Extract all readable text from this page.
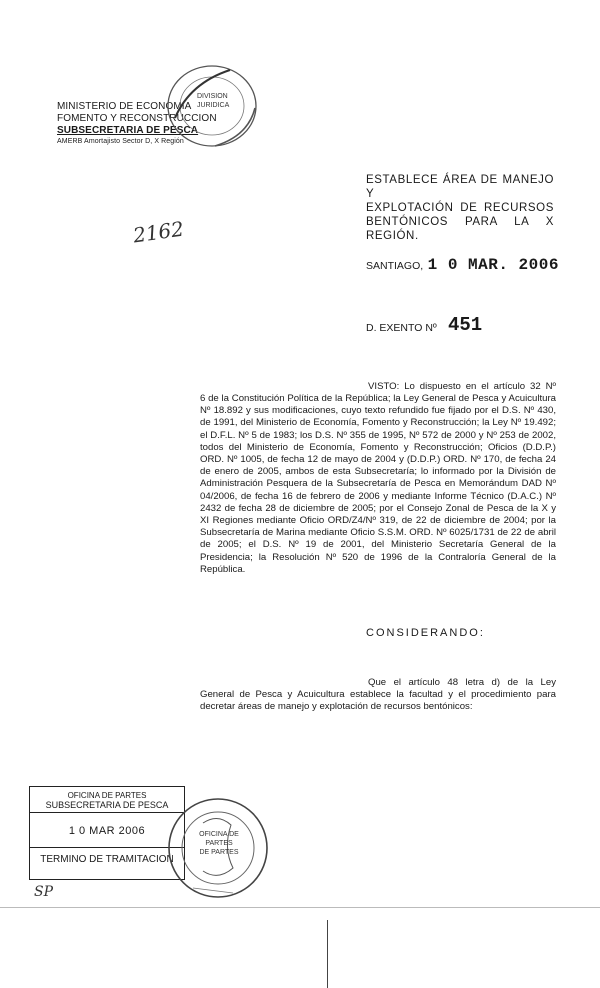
MINISTERIO DE ECONOMIA
FOMENTO Y RECONSTRUCCION
SUBSECRETARIA DE PESCA
AMERB Amortajisto Sector D, X Región
DIVISION
JURIDICA
ESTABLECE ÁREA DE MANEJO Y
EXPLOTACIÓN DE RECURSOS
BENTÓNICOS PARA LA X REGIÓN.
2162
SANTIAGO, 1 0 MAR. 2006
D. EXENTO Nº 451
VISTO: Lo dispuesto en el artículo 32 Nº
6 de la Constitución Política de la República; la Ley General de Pesca y Acuicultura Nº 18.892 y sus modificaciones, cuyo texto refundido fue fijado por el D.S. Nº 430, de 1991, del Ministerio de Economía, Fomento y Reconstrucción; la Ley Nº 19.492; el D.F.L. Nº 5 de 1983; los D.S. Nº 355 de 1995, Nº 572 de 2000 y Nº 253 de 2002, todos del Ministerio de Economía, Fomento y Reconstrucción; Oficios (D.D.P.) ORD. Nº 1005, de fecha 12 de mayo de 2004 y (D.D.P.) ORD. Nº 170, de fecha 24 de enero de 2005, ambos de esta Subsecretaría; lo informado por la División de Administración Pesquera de la Subsecretaría de Pesca en Memorándum DAD Nº 04/2006, de fecha 16 de febrero de 2006 y mediante Informe Técnico (D.A.C.) Nº 2432 de fecha 28 de diciembre de 2005; por el Consejo Zonal de Pesca de la X y XI Regiones mediante Oficio ORD/Z4/Nº 319, de 22 de diciembre de 2004; por la Subsecretaría de Marina mediante Oficio S.S.M. ORD. Nº 6025/1731 de 22 de abril de 2005; el D.S. Nº 19 de 2001, del Ministerio Secretaría General de la Presidencia; la Resolución Nº 520 de 1996 de la Contraloría General de la República.
CONSIDERANDO:
Que el artículo 48 letra d) de la Ley
General de Pesca y Acuicultura establece la facultad y el procedimiento para decretar áreas de manejo y explotación de recursos bentónicos:
OFICINA DE PARTES
SUBSECRETARIA DE PESCA
1 0 MAR 2006
TERMINO DE TRAMITACION
OFICINA DE PARTES
DE PARTES
SP
